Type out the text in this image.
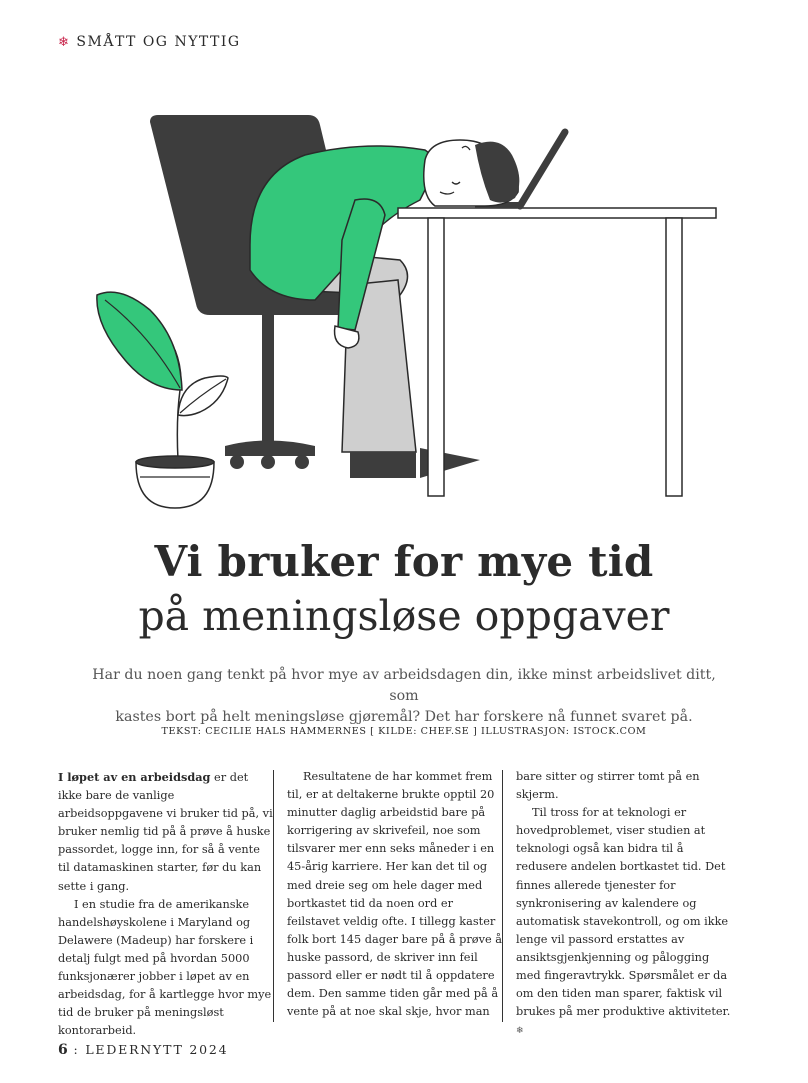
❄ SMÅTT OG NYTTIG
Vi bruker for mye tid
på meningsløse oppgaver
Har du noen gang tenkt på hvor mye av arbeidsdagen din, ikke minst arbeidslivet ditt, som
kastes bort på helt meningsløse gjøremål? Det har forskere nå funnet svaret på.
TEKST: CECILIE HALS HAMMERNES [ KILDE: CHEF.SE ] ILLUSTRASJON: ISTOCK.COM

I løpet av en arbeidsdag er det ikke bare de vanlige arbeidsoppgavene vi bruker tid på, vi bruker nemlig tid på å prøve å huske passordet, logge inn, for så å vente til datamaskinen starter, før du kan sette i gang.

I en studie fra de amerikanske handelshøyskolene i Maryland og Delawere (Madeup) har forskere i detalj fulgt med på hvordan 5000 funksjonærer jobber i løpet av en arbeidsdag, for å kartlegge hvor mye tid de bruker på meningsløst kontorarbeid.

Resultatene de har kommet frem til, er at deltakerne brukte opptil 20 minutter daglig arbeidstid bare på korrigering av skrivefeil, noe som tilsvarer mer enn seks måneder i en 45-årig karriere. Her kan det til og med dreie seg om hele dager med bortkastet tid da noen ord er feilstavet veldig ofte. I tillegg kaster folk bort 145 dager bare på å prøve å huske passord, de skriver inn feil passord eller er nødt til å oppdatere dem. Den samme tiden går med på å vente på at noe skal skje, hvor man

bare sitter og stirrer tomt på en skjerm.

Til tross for at teknologi er hovedproblemet, viser studien at teknologi også kan bidra til å redusere andelen bortkastet tid. Det finnes allerede tjenester for synkronisering av kalendere og automatisk stavekontroll, og om ikke lenge vil passord erstattes av ansiktsgjenkjenning og pålogging med fingeravtrykk. Spørsmålet er da om den tiden man sparer, faktisk vil brukes på mer produktive aktiviteter. ❄

6 : LEDERNYTT 2024
